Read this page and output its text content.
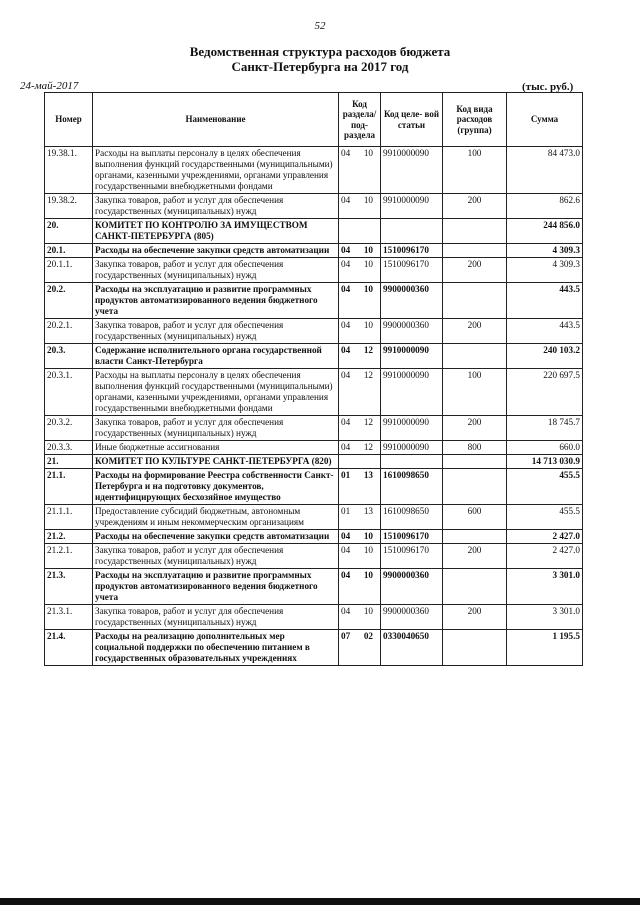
52
Ведомственная структура расходов бюджета
Санкт-Петербурга на 2017 год
24-май-2017	(тыс. руб.)
Номер	Наименование	Код раздела/ под- раздела	Код целе- вой статьи	Код вида расходов (группа)	Сумма
19.38.1.	Расходы на выплаты персоналу в целях обеспечения выполнения функций государственными (муниципальными) органами, казенными учреждениями, органами управления государственными внебюджетными фондами	04 10	9910000090	100	84 473.0
19.38.2.	Закупка товаров, работ и услуг для обеспечения государственных (муниципальных) нужд	04 10	9910000090	200	862.6
20.	КОМИТЕТ ПО КОНТРОЛЮ ЗА ИМУЩЕСТВОМ САНКТ-ПЕТЕРБУРГА (805)				244 856.0
20.1.	Расходы на обеспечение закупки средств автоматизации	04 10	1510096170		4 309.3
20.1.1.	Закупка товаров, работ и услуг для обеспечения государственных (муниципальных) нужд	04 10	1510096170	200	4 309.3
20.2.	Расходы на эксплуатацию и развитие программных продуктов автоматизированного ведения бюджетного учета	04 10	9900000360		443.5
20.2.1.	Закупка товаров, работ и услуг для обеспечения государственных (муниципальных) нужд	04 10	9900000360	200	443.5
20.3.	Содержание исполнительного органа государственной власти Санкт-Петербурга	04 12	9910000090		240 103.2
20.3.1.	Расходы на выплаты персоналу в целях обеспечения выполнения функций государственными (муниципальными) органами, казенными учреждениями, органами управления государственными внебюджетными фондами	04 12	9910000090	100	220 697.5
20.3.2.	Закупка товаров, работ и услуг для обеспечения государственных (муниципальных) нужд	04 12	9910000090	200	18 745.7
20.3.3.	Иные бюджетные ассигнования	04 12	9910000090	800	660.0
21.	КОМИТЕТ ПО КУЛЬТУРЕ САНКТ-ПЕТЕРБУРГА (820)				14 713 030.9
21.1.	Расходы на формирование Реестра собственности Санкт-Петербурга и на подготовку документов, идентифицирующих бесхозяйное имущество	01 13	1610098650		455.5
21.1.1.	Предоставление субсидий бюджетным, автономным учреждениям и иным некоммерческим организациям	01 13	1610098650	600	455.5
21.2.	Расходы на обеспечение закупки средств автоматизации	04 10	1510096170		2 427.0
21.2.1.	Закупка товаров, работ и услуг для обеспечения государственных (муниципальных) нужд	04 10	1510096170	200	2 427.0
21.3.	Расходы на эксплуатацию и развитие программных продуктов автоматизированного ведения бюджетного учета	04 10	9900000360		3 301.0
21.3.1.	Закупка товаров, работ и услуг для обеспечения государственных (муниципальных) нужд	04 10	9900000360	200	3 301.0
21.4.	Расходы на реализацию дополнительных мер социальной поддержки по обеспечению питанием в государственных образовательных учреждениях	07 02	0330040650		1 195.5
